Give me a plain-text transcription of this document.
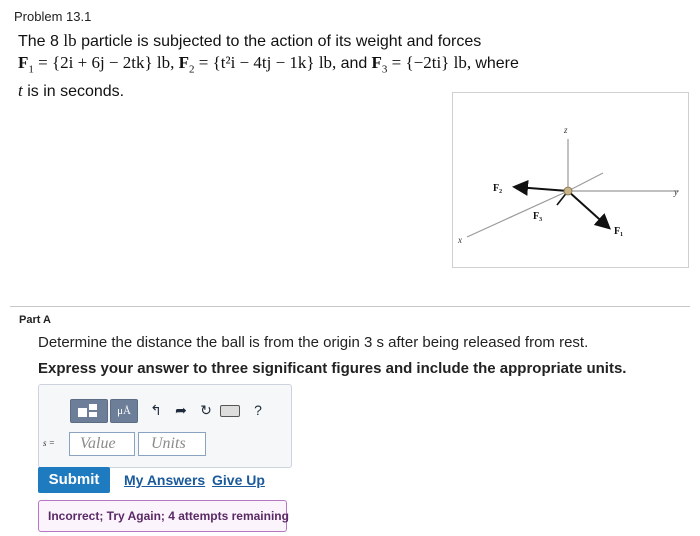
Problem 13.1
The 8 lb particle is subjected to the action of its weight and forces
$F_1 = \{2i + 6j - 2tk\}$ lb, $F_2 = \{t^2i - 4tj - 1k\}$ lb, and $F_3 = \{-2ti\}$ lb, where
t is in seconds.
z
y
x
F₂
F₃
F₁
Part A
Determine the distance the ball is from the origin 3 s after being released from rest.
Express your answer to three significant figures and include the appropriate units.
μÅ	↰ ➦ ↻	?
s =	Value	Units
Submit	My Answers Give Up
Incorrect; Try Again; 4 attempts remaining
